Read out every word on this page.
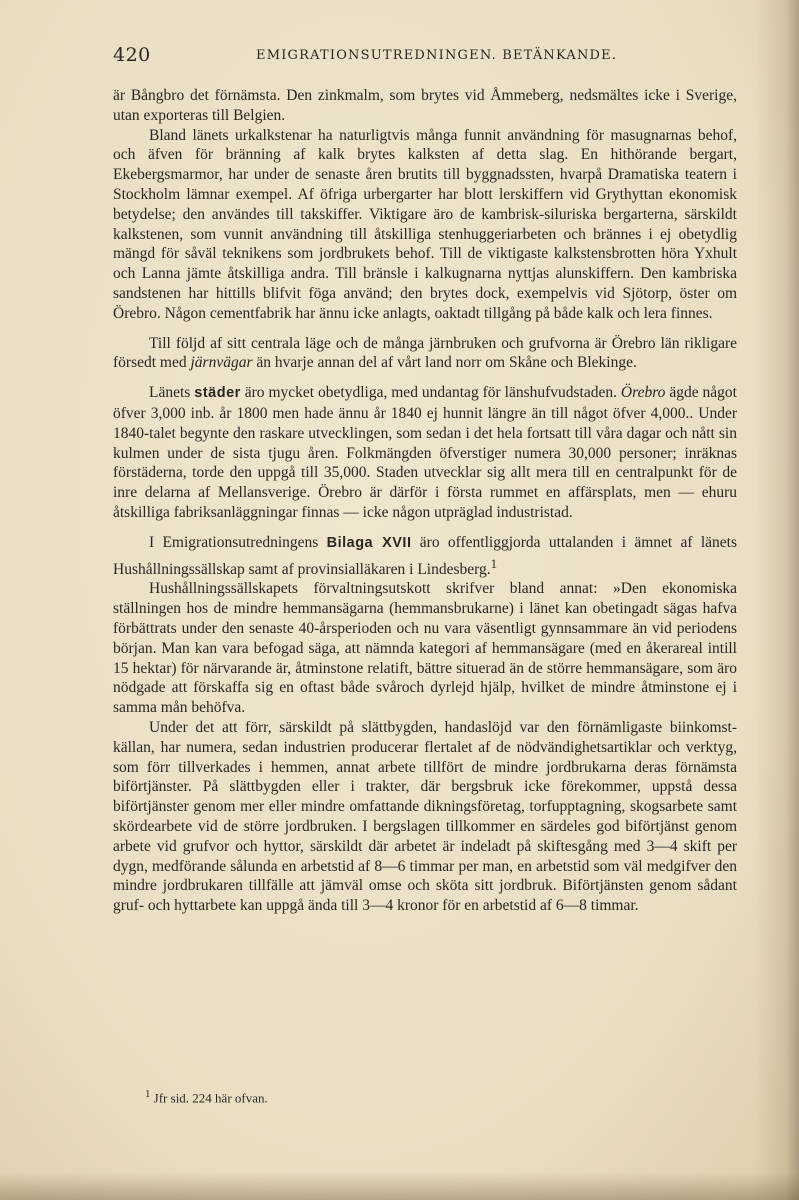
420	EMIGRATIONSUTREDNINGEN. BETÄNKANDE.

är Bångbro det förnämsta. Den zinkmalm, som brytes vid Åmmeberg, nedsmältes icke i Sverige, utan exporteras till Belgien.

Bland länets urkalkstenar ha naturligtvis många funnit användning för masugnarnas behof, och äfven för bränning af kalk brytes kalksten af detta slag. En hithörande bergart, Ekebergsmarmor, har under de senaste åren brutits till byggnadssten, hvarpå Dramatiska teatern i Stockholm lämnar exempel. Af öfriga urbergarter har blott lerskiffern vid Grythyttan ekonomisk betydelse; den användes till takskiffer. Viktigare äro de kambrisk-siluriska bergarterna, särskildt kalkstenen, som vunnit användning till åtskilliga stenhuggeriarbeten och brännes i ej obetydlig mängd för såväl teknikens som jordbrukets behof. Till de viktigaste kalkstensbrotten höra Yxhult och Lanna jämte åtskilliga andra. Till bränsle i kalkugnarna nyttjas alunskiffern. Den kambriska sandstenen har hittills blifvit föga använd; den brytes dock, exempelvis vid Sjötorp, öster om Örebro. Någon cementfabrik har ännu icke anlagts, oaktadt tillgång på både kalk och lera finnes.

Till följd af sitt centrala läge och de många järnbruken och grufvorna är Örebro län rikligare försedt med järnvägar än hvarje annan del af vårt land norr om Skåne och Blekinge.

Länets städer äro mycket obetydliga, med undantag för länshufvudstaden. Örebro ägde något öfver 3,000 inb. år 1800 men hade ännu år 1840 ej hunnit längre än till något öfver 4,000.. Under 1840-talet begynte den raskare utvecklingen, som sedan i det hela fortsatt till våra dagar och nått sin kulmen under de sista tjugu åren. Folkmängden öfverstiger numera 30,000 personer; inräknas förstäderna, torde den uppgå till 35,000. Staden utvecklar sig allt mera till en centralpunkt för de inre delarna af Mellansverige. Örebro är därför i första rummet en affärsplats, men — ehuru åtskilliga fabriksanläggningar finnas — icke någon utpräglad industristad.

I Emigrationsutredningens Bilaga XVII äro offentliggjorda uttalanden i ämnet af länets Hushållningssällskap samt af provinsialläkaren i Lindesberg.$^1$

Hushållningssällskapets förvaltningsutskott skrifver bland annat: »Den ekonomiska ställningen hos de mindre hemmansägarna (hemmansbrukarne) i länet kan obetingadt sägas hafva förbättrats under den senaste 40-årsperioden och nu vara väsentligt gynnsammare än vid periodens början. Man kan vara befogad säga, att nämnda kategori af hemmansägare (med en åkerareal intill 15 hektar) för närvarande är, åtminstone relatift, bättre situerad än de större hemmansägare, som äro nödgade att förskaffa sig en oftast både svåroch dyrlejd hjälp, hvilket de mindre åtminstone ej i samma mån behöfva.

Under det att förr, särskildt på slättbygden, handaslöjd var den förnämligaste biinkomst-källan, har numera, sedan industrien producerar flertalet af de nödvändighetsartiklar och verktyg, som förr tillverkades i hemmen, annat arbete tillfört de mindre jordbrukarna deras förnämsta biförtjänster. På slättbygden eller i trakter, där bergsbruk icke förekommer, uppstå dessa biförtjänster genom mer eller mindre omfattande dikningsföretag, torfupptagning, skogsarbete samt skördearbete vid de större jordbruken. I bergslagen tillkommer en särdeles god biförtjänst genom arbete vid grufvor och hyttor, särskildt där arbetet är indeladt på skiftesgång med 3—4 skift per dygn, medförande sålunda en arbetstid af 8—6 timmar per man, en arbetstid som väl medgifver den mindre jordbrukaren tillfälle att jämväl omse och sköta sitt jordbruk. Biförtjänsten genom sådant gruf- och hyttarbete kan uppgå ända till 3—4 kronor för en arbetstid af 6—8 timmar.

$^1$ Jfr sid. 224 här ofvan.
